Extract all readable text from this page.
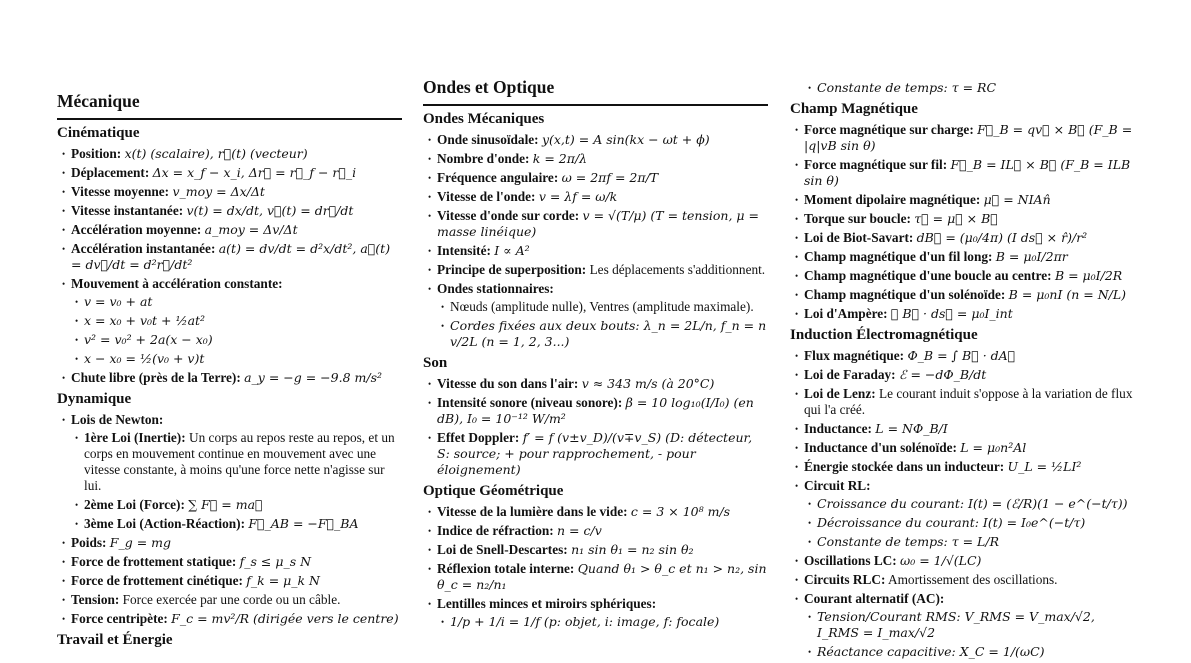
Mécanique
Cinématique
• Position: x(t) (scalaire), r⃗(t) (vecteur)
• Déplacement: Δx = x_f − x_i, Δr⃗ = r⃗_f − r⃗_i
• Vitesse moyenne: v_moy = Δx/Δt
• Vitesse instantanée: v(t) = dx/dt, v⃗(t) = dr⃗/dt
• Accélération moyenne: a_moy = Δv/Δt
• Accélération instantanée: a(t) = dv/dt = d²x/dt², a⃗(t) = dv⃗/dt = d²r⃗/dt²
• Mouvement à accélération constante:
• v = v₀ + at
• x = x₀ + v₀t + ½at²
• v² = v₀² + 2a(x − x₀)
• x − x₀ = ½(v₀ + v)t
• Chute libre (près de la Terre): a_y = −g = −9.8 m/s²
Dynamique
• Lois de Newton:
• 1ère Loi (Inertie): Un corps au repos reste au repos, et un corps en mouvement continue en mouvement avec une vitesse constante, à moins qu'une force nette n'agisse sur lui.
• 2ème Loi (Force): ∑ F⃗ = ma⃗
• 3ème Loi (Action-Réaction): F⃗_AB = −F⃗_BA
• Poids: F_g = mg
• Force de frottement statique: f_s ≤ μ_s N
• Force de frottement cinétique: f_k = μ_k N
• Tension: Force exercée par une corde ou un câble.
• Force centripète: F_c = mv²/R (dirigée vers le centre)
Travail et Énergie
Ondes et Optique
Ondes Mécaniques
• Onde sinusoïdale: y(x,t) = A sin(kx − ωt + ϕ)
• Nombre d'onde: k = 2π/λ
• Fréquence angulaire: ω = 2πf = 2π/T
• Vitesse de l'onde: v = λf = ω/k
• Vitesse d'onde sur corde: v = √(T/μ) (T = tension, μ = masse linéique)
• Intensité: I ∝ A²
• Principe de superposition: Les déplacements s'additionnent.
• Ondes stationnaires:
• Nœuds (amplitude nulle), Ventres (amplitude maximale).
• Cordes fixées aux deux bouts: λ_n = 2L/n, f_n = n v/2L (n = 1, 2, 3...)
Son
• Vitesse du son dans l'air: v ≈ 343 m/s (à 20°C)
• Intensité sonore (niveau sonore): β = 10 log₁₀(I/I₀) (en dB), I₀ = 10⁻¹² W/m²
• Effet Doppler: f′ = f (v±v_D)/(v∓v_S) (D: détecteur, S: source; + pour rapprochement, - pour éloignement)
Optique Géométrique
• Vitesse de la lumière dans le vide: c = 3 × 10⁸ m/s
• Indice de réfraction: n = c/v
• Loi de Snell-Descartes: n₁ sin θ₁ = n₂ sin θ₂
• Réflexion totale interne: Quand θ₁ > θ_c et n₁ > n₂, sin θ_c = n₂/n₁
• Lentilles minces et miroirs sphériques:
• 1/p + 1/i = 1/f (p: objet, i: image, f: focale)
• Constante de temps: τ = RC
Champ Magnétique
• Force magnétique sur charge: F⃗_B = qv⃗ × B⃗ (F_B = |q|vB sin θ)
• Force magnétique sur fil: F⃗_B = IL⃗ × B⃗ (F_B = ILB sin θ)
• Moment dipolaire magnétique: μ⃗ = NIAn̂
• Torque sur boucle: τ⃗ = μ⃗ × B⃗
• Loi de Biot-Savart: dB⃗ = (μ₀/4π) (I ds⃗ × r̂)/r²
• Champ magnétique d'un fil long: B = μ₀I/2πr
• Champ magnétique d'une boucle au centre: B = μ₀I/2R
• Champ magnétique d'un solénoïde: B = μ₀nI (n = N/L)
• Loi d'Ampère: ∮ B⃗ · ds⃗ = μ₀I_int
Induction Électromagnétique
• Flux magnétique: Φ_B = ∫ B⃗ · dA⃗
• Loi de Faraday: ℰ = −dΦ_B/dt
• Loi de Lenz: Le courant induit s'oppose à la variation de flux qui l'a créé.
• Inductance: L = NΦ_B/I
• Inductance d'un solénoïde: L = μ₀n²Al
• Énergie stockée dans un inducteur: U_L = ½LI²
• Circuit RL:
• Croissance du courant: I(t) = (ℰ/R)(1 − e^(−t/τ))
• Décroissance du courant: I(t) = I₀e^(−t/τ)
• Constante de temps: τ = L/R
• Oscillations LC: ω₀ = 1/√(LC)
• Circuits RLC: Amortissement des oscillations.
• Courant alternatif (AC):
• Tension/Courant RMS: V_RMS = V_max/√2, I_RMS = I_max/√2
• Réactance capacitive: X_C = 1/(ωC)
